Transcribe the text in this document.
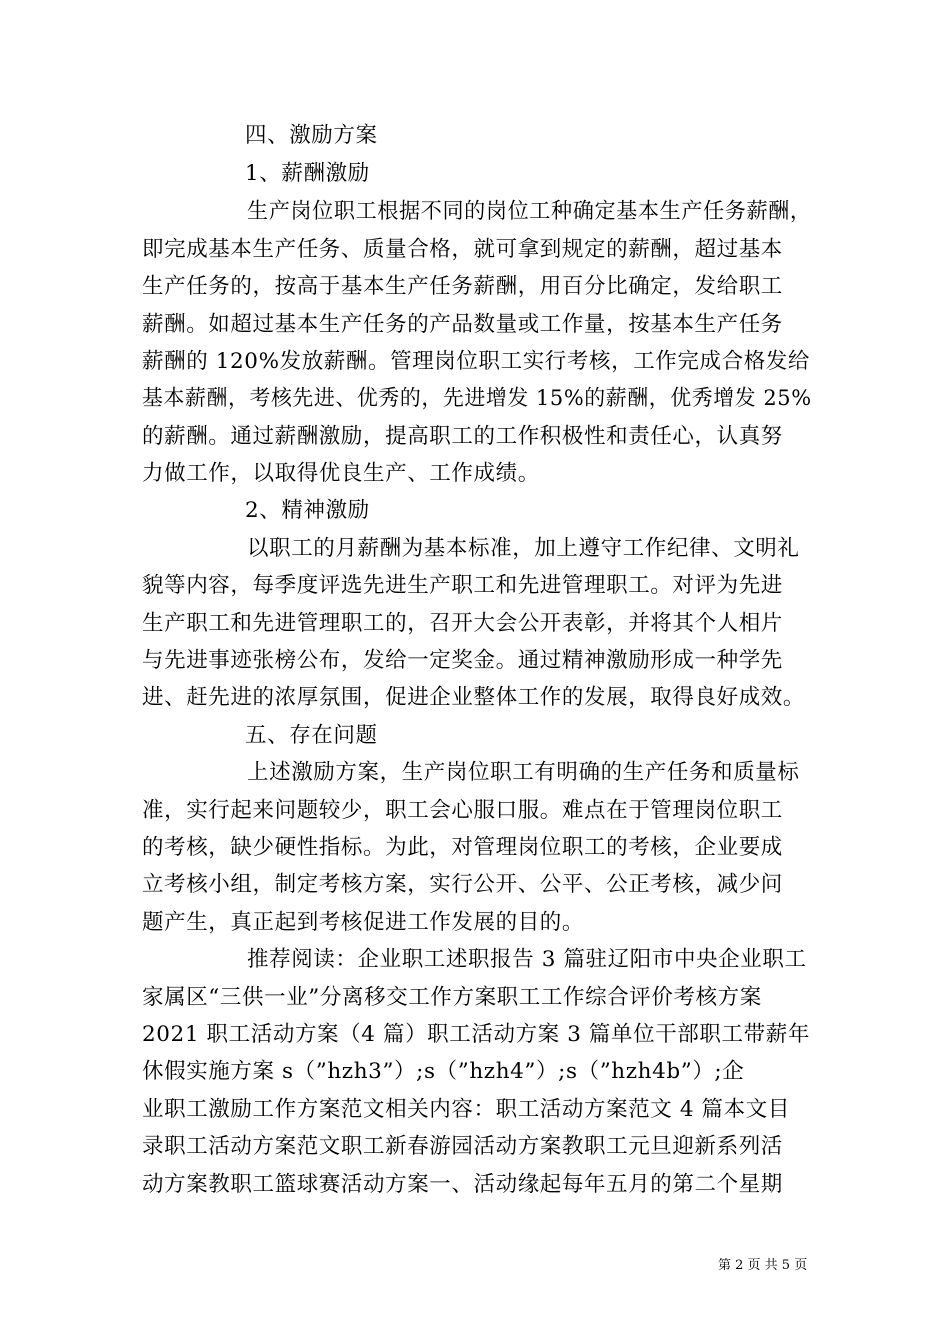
四、激励方案
1、薪酬激励
生产岗位职工根据不同的岗位工种确定基本生产任务薪酬，
即完成基本生产任务、质量合格，就可拿到规定的薪酬，超过基本
生产任务的，按高于基本生产任务薪酬，用百分比确定，发给职工
薪酬。如超过基本生产任务的产品数量或工作量，按基本生产任务
薪酬的 120%发放薪酬。管理岗位职工实行考核，工作完成合格发给
基本薪酬，考核先进、优秀的，先进增发 15%的薪酬，优秀增发 25%
的薪酬。通过薪酬激励，提高职工的工作积极性和责任心，认真努
力做工作，以取得优良生产、工作成绩。
2、精神激励
以职工的月薪酬为基本标准，加上遵守工作纪律、文明礼
貌等内容，每季度评选先进生产职工和先进管理职工。对评为先进
生产职工和先进管理职工的，召开大会公开表彰，并将其个人相片
与先进事迹张榜公布，发给一定奖金。通过精神激励形成一种学先
进、赶先进的浓厚氛围，促进企业整体工作的发展，取得良好成效。
五、存在问题
上述激励方案，生产岗位职工有明确的生产任务和质量标
准，实行起来问题较少，职工会心服口服。难点在于管理岗位职工
的考核，缺少硬性指标。为此，对管理岗位职工的考核，企业要成
立考核小组，制定考核方案，实行公开、公平、公正考核，减少问
题产生，真正起到考核促进工作发展的目的。
推荐阅读：企业职工述职报告 3 篇驻辽阳市中央企业职工
家属区“三供一业”分离移交工作方案职工工作综合评价考核方案
2021 职工活动方案（4 篇）职工活动方案 3 篇单位干部职工带薪年
休假实施方案 s（”hzh3”）;s（”hzh4”）;s（”hzh4b”）;企
业职工激励工作方案范文相关内容：职工活动方案范文 4 篇本文目
录职工活动方案范文职工新春游园活动方案教职工元旦迎新系列活
动方案教职工篮球赛活动方案一、活动缘起每年五月的第二个星期
第 2 页 共 5 页
